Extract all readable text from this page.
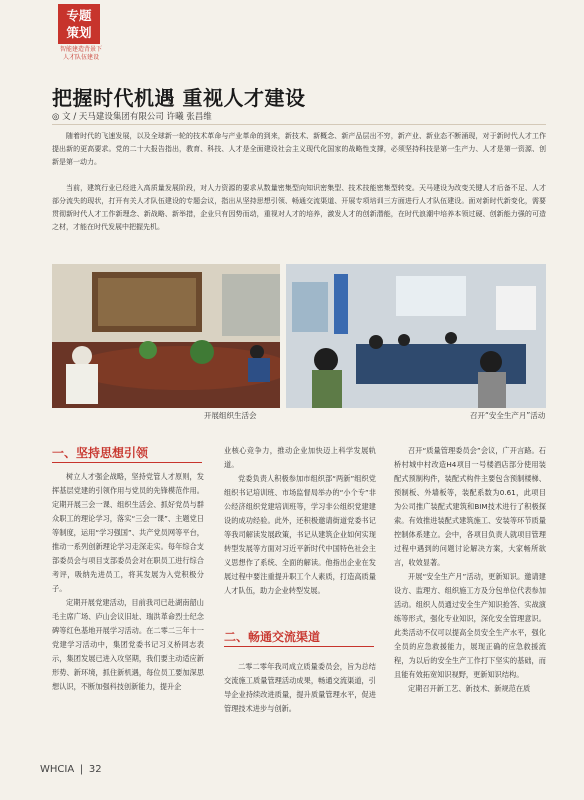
专题
策划
智能建造背景下
人才队伍建设
把握时代机遇 重视人才建设
◎ 文 / 天马建设集团有限公司 许曦 张昌维
随着时代的飞速发展，以及全球新一轮的技术革命与产业革命的到来，新技术、新概念、新产品层出不穷，新产业、新业态不断涌现，对于新时代人才工作提出新的更高要求。党的二十大报告指出，教育、科技、人才是全面建设社会主义现代化国家的战略性支撑，必须坚持科技是第一生产力、人才是第一资源、创新是第一动力。
当前，建筑行业已经进入高质量发展阶段，对人力资源的要求从数量密集型向知识密集型、技术技能密集型转变。天马建设为改变关键人才后备不足、人才部分流失的现状，打开有关人才队伍建设的专题会议，指出从坚持思想引领、畅通交流渠道、开展专项培训三方面进行人才队伍建设。面对新时代新变化，需要贯彻新时代人才工作新理念、新战略、新举措，企业只有因势而动，重视对人才的培养，激发人才的创新潜能，在时代浪潮中培养本领过硬、创新能力强的可造之材，才能在时代发展中把握先机。
开展组织生活会	召开“安全生产月”活动
一、坚持思想引领

树立人才强企战略，坚持党管人才原则，发挥基层党建的引领作用与党员的先锋模范作用。定期开展三会一课、组织生活会、抓好党员与群众职工的理论学习，落实“三会一课”、主题党日等制度，运用“学习强国”、共产党员网等平台，推动一系列创新理论学习走深走实。每年综合支部委员会与项目支部委员会对在职员工进行综合考评，吸纳先进员工，将其发展为入党积极分子。

定期开展党建活动，目前我司已赴湖南韶山毛主席广场、庐山会议旧址、瑞洪革命烈士纪念碑等红色基地开展学习活动。在二零二三年十一党建学习活动中，集团党委书记习义桥同志表示，集团发展已进入攻坚期，我们要主动适应新形势、新环境，抓住新机遇，每位员工要加深思想认识，不断加强科技创新能力，提升企

业核心竞争力，推动企业加快迈上科学发展轨道。

党委负责人积极参加市组织部“两新”组织党组织书记培训班、市场监督局举办的“小个专”非公经济组织党建培训班等，学习非公组织党建建设的成功经验。此外，还积极邀请街道党委书记等我司解读发展政策，书记从建筑企业如何实现转型发展等方面对习近平新时代中国特色社会主义思想作了系统、全面的解读。他指出企业在发展过程中要注重提升职工个人素质，打造高质量人才队伍，助力企业转型发展。

二、畅通交流渠道

二零二零年我司成立质量委员会，旨为总结交流施工质量管理活动成果，畅通交流渠道，引导企业持续改进质量，提升质量管理水平，促进管理技术进步与创新。

召开“质量管理委员会”会议，广开言路。石桥村城中村改造H4项目一号楼酒店部分使用装配式预制构件，装配式构件主要包含预制楼梯、预制板、外墙板等，装配系数为0.61，此项目为公司推广装配式建筑和BIM技术进行了积极探索。有效推进装配式建筑施工、安装等环节质量控制体系建立。会中，各项目负责人就项目管理过程中遇到的问题讨论解决方案，大家畅所欲言，收效显著。

开展“安全生产月”活动，更新知识。邀请建设方、监理方、组织施工方及分包单位代表参加活动。组织人员通过安全生产知识抢答、实战演练等形式，强化专业知识，深化安全管理意识。此类活动不仅可以提高全员安全生产水平，强化全员的应急救援能力，展现正确的应急救援流程，为以后的安全生产工作打下坚实的基础，而且能有效拓宽知识视野，更新知识结构。

定期召开新工艺、新技术、新规范在质

WHCIA ❘ 32
